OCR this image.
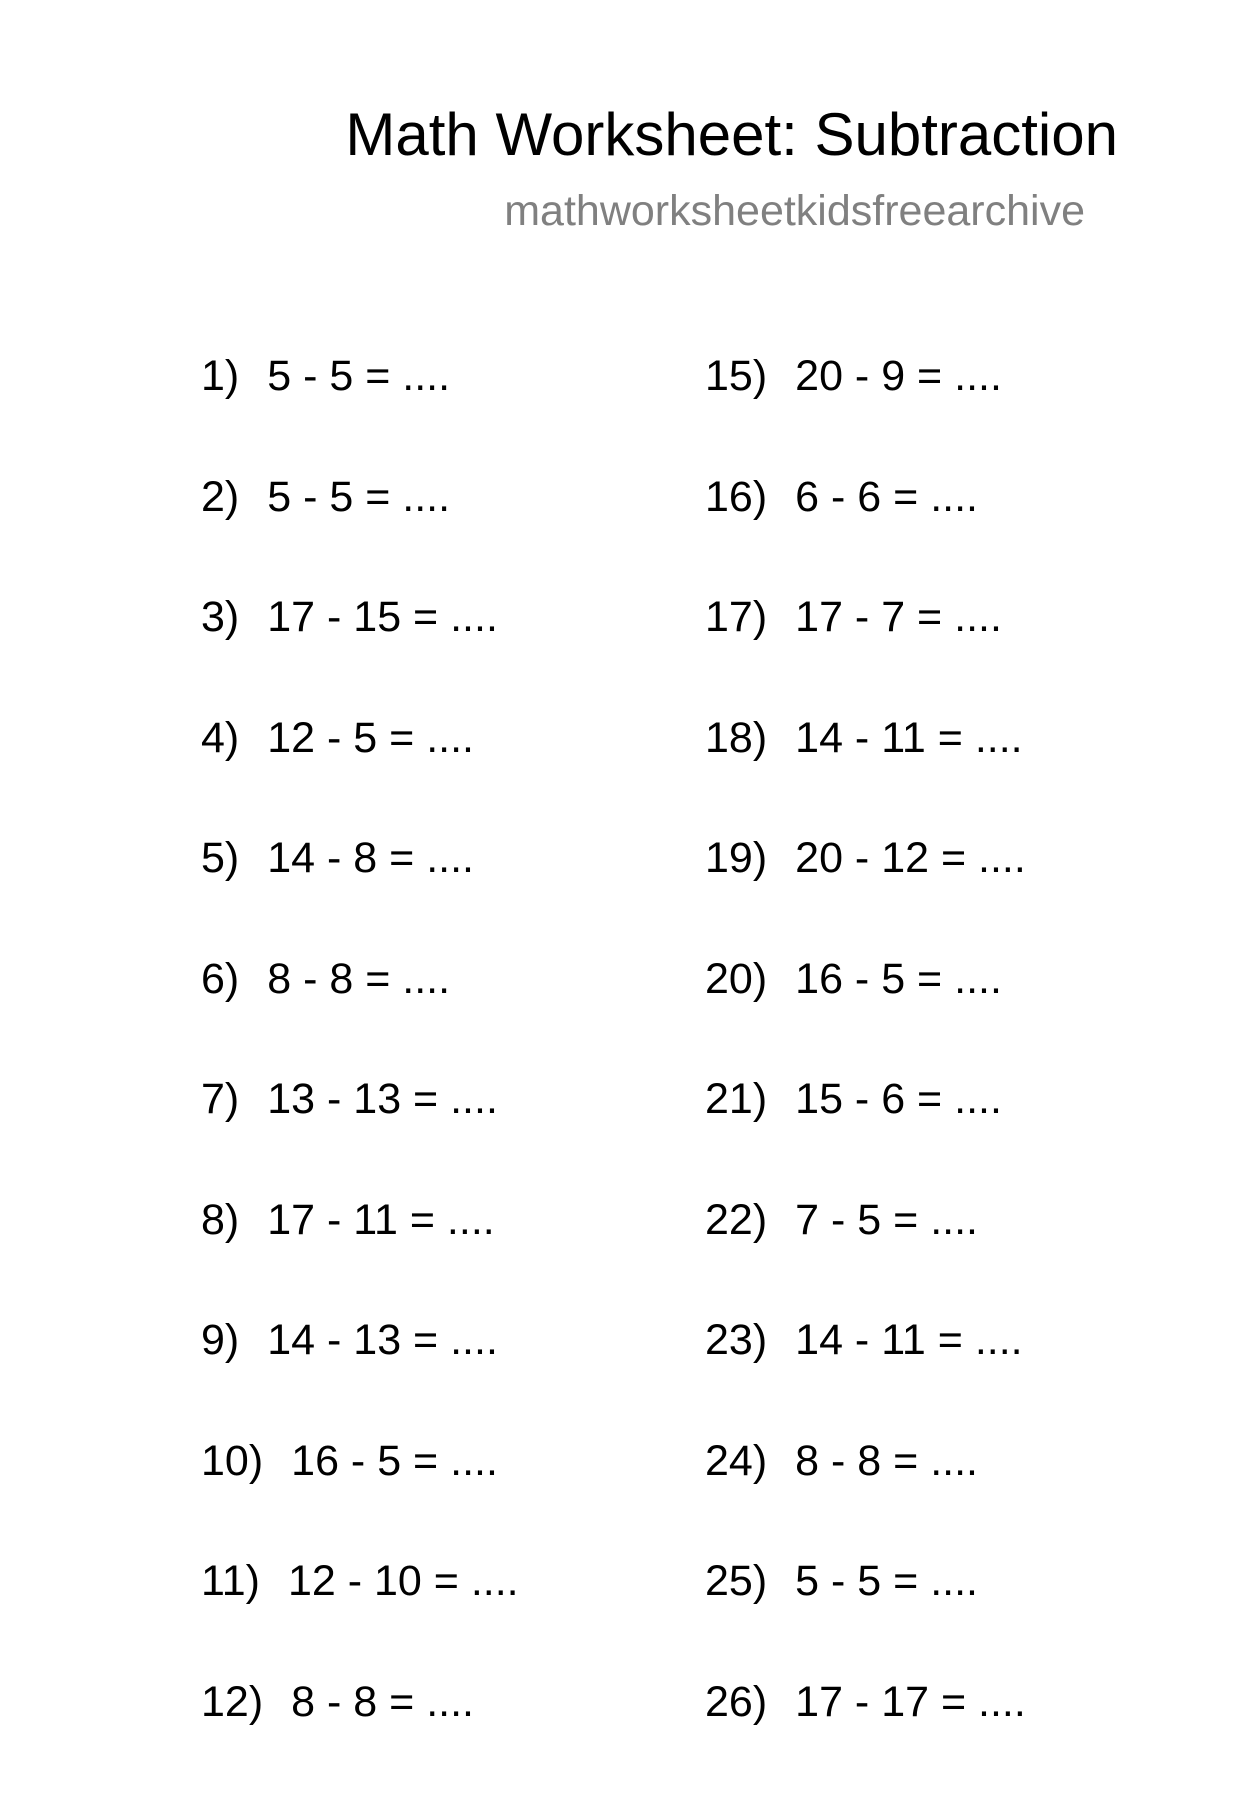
Math Worksheet: Subtraction
mathworksheetkidsfreearchive
1) 5 - 5 = ....
2) 5 - 5 = ....
3) 17 - 15 = ....
4) 12 - 5 = ....
5) 14 - 8 = ....
6) 8 - 8 = ....
7) 13 - 13 = ....
8) 17 - 11 = ....
9) 14 - 13 = ....
10) 16 - 5 = ....
11) 12 - 10 = ....
12) 8 - 8 = ....
15) 20 - 9 = ....
16) 6 - 6 = ....
17) 17 - 7 = ....
18) 14 - 11 = ....
19) 20 - 12 = ....
20) 16 - 5 = ....
21) 15 - 6 = ....
22) 7 - 5 = ....
23) 14 - 11 = ....
24) 8 - 8 = ....
25) 5 - 5 = ....
26) 17 - 17 = ....
